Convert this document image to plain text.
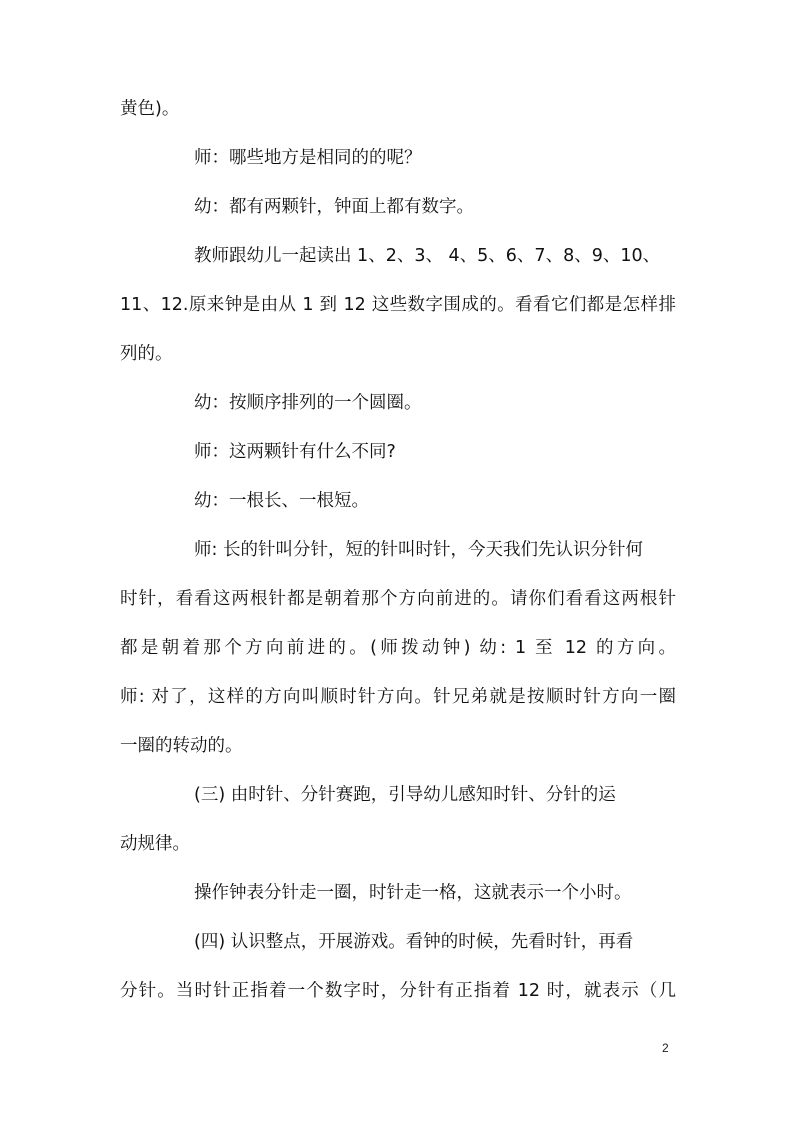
黄色)。
师：哪些地方是相同的的呢？
幼：都有两颗针，钟面上都有数字。
教师跟幼儿一起读出 1、2、3、 4、5、6、7、8、9、10、
11、12.原来钟是由从 1 到 12 这些数字围成的。看看它们都是怎样排
列的。
幼：按顺序排列的一个圆圈。
师：这两颗针有什么不同?
幼：一根长、一根短。
师: 长的针叫分针，短的针叫时针，今天我们先认识分针何
时针，看看这两根针都是朝着那个方向前进的。请你们看看这两根针
都是朝着那个方向前进的。(师拨动钟) 幼: 1 至 12 的方向。
师: 对了，这样的方向叫顺时针方向。针兄弟就是按顺时针方向一圈
一圈的转动的。
(三) 由时针、分针赛跑，引导幼儿感知时针、分针的运
动规律。
操作钟表分针走一圈，时针走一格，这就表示一个小时。
(四) 认识整点，开展游戏。看钟的时候，先看时针，再看
分针。当时针正指着一个数字时，分针有正指着 12 时，就表示（几
2
